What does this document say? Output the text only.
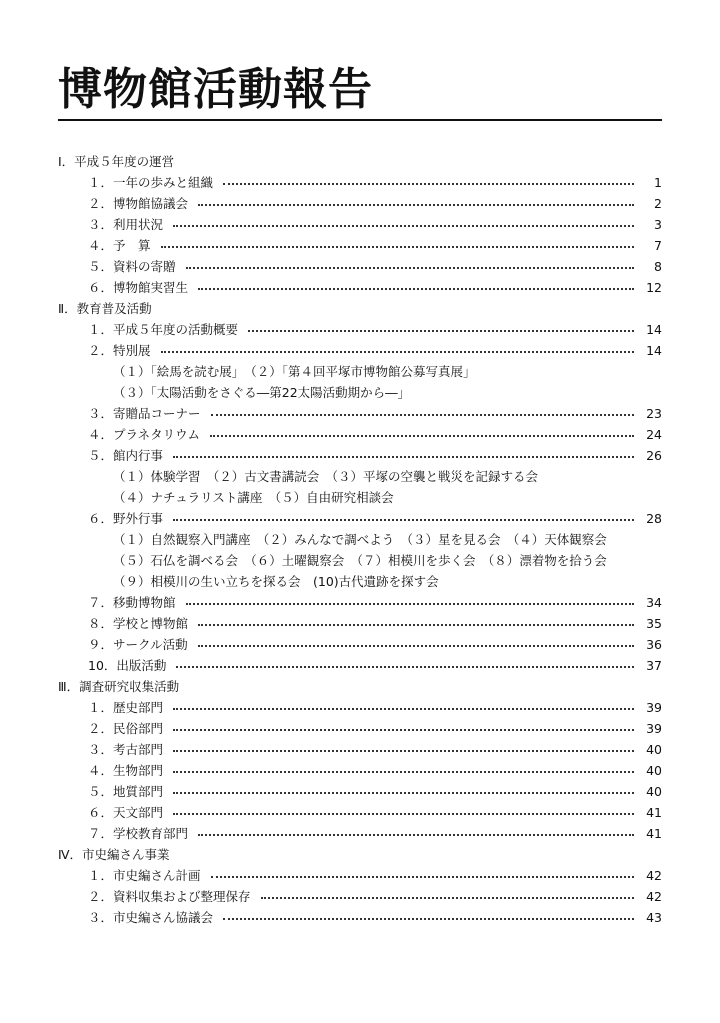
博物館活動報告
Ⅰ．平成５年度の運営
１．一年の歩みと組織	1
２．博物館協議会	2
３．利用状況	3
４．予　算	7
５．資料の寄贈	8
６．博物館実習生	12
Ⅱ．教育普及活動
１．平成５年度の活動概要	14
２．特別展	14
（１）「絵馬を読む展」　（２）「第４回平塚市博物館公募写真展」
（３）「太陽活動をさぐる―第22太陽活動期から―」
３．寄贈品コーナー	23
４．プラネタリウム	24
５．館内行事	26
（１）体験学習　（２）古文書講読会　（３）平塚の空襲と戦災を記録する会
（４）ナチュラリスト講座　（５）自由研究相談会
６．野外行事	28
（１）自然観察入門講座　（２）みんなで調べよう　（３）星を見る会　（４）天体観察会
（５）石仏を調べる会　（６）土曜観察会　（７）相模川を歩く会　（８）漂着物を拾う会
（９）相模川の生い立ちを探る会　(10)古代遺跡を探す会
７．移動博物館	34
８．学校と博物館	35
９．サークル活動	36
10．出版活動	37
Ⅲ．調査研究収集活動
１．歴史部門	39
２．民俗部門	39
３．考古部門	40
４．生物部門	40
５．地質部門	40
６．天文部門	41
７．学校教育部門	41
Ⅳ．市史編さん事業
１．市史編さん計画	42
２．資料収集および整理保存	42
３．市史編さん協議会	43
